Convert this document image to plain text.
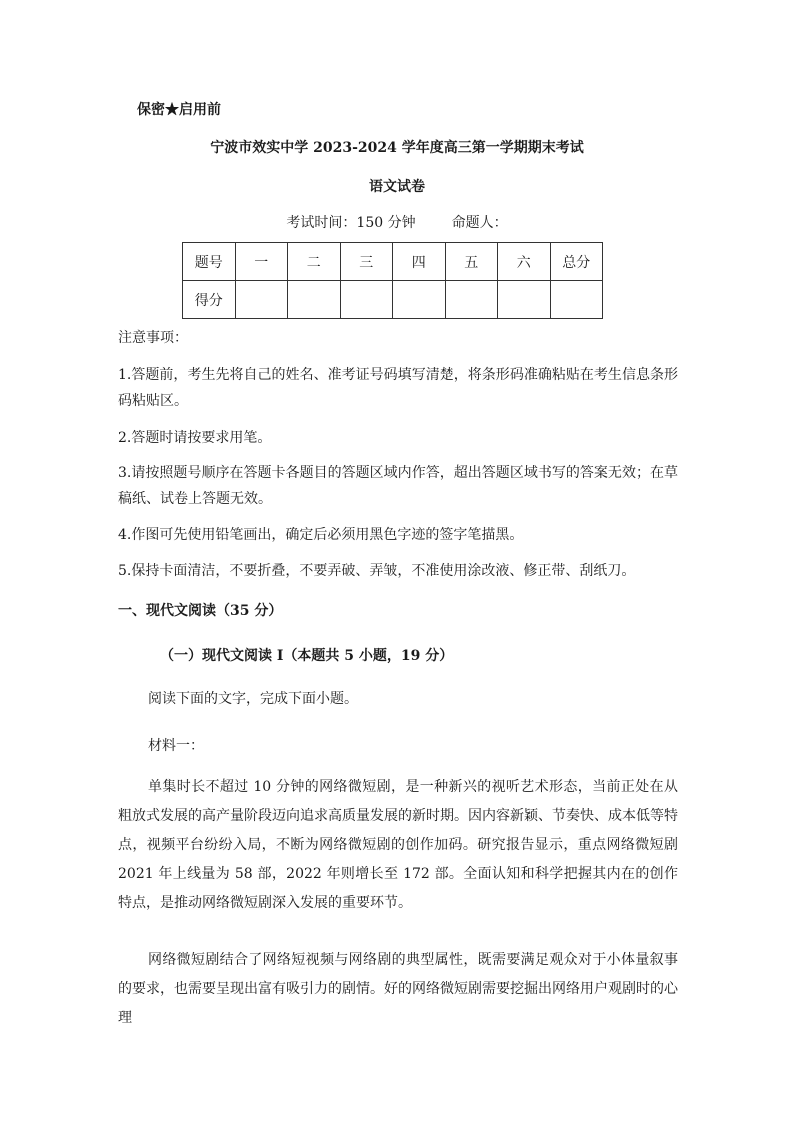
保密★启用前
宁波市效实中学 2023-2024 学年度高三第一学期期末考试
语文试卷
考试时间：150 分钟	命题人：
题号	一	二	三	四	五	六	总分
得分							
注意事项：
1.答题前，考生先将自己的姓名、准考证号码填写清楚，将条形码准确粘贴在考生信息条形码粘贴区。
2.答题时请按要求用笔。
3.请按照题号顺序在答题卡各题目的答题区域内作答，超出答题区域书写的答案无效；在草稿纸、试卷上答题无效。
4.作图可先使用铅笔画出，确定后必须用黑色字迹的签字笔描黑。
5.保持卡面清洁，不要折叠，不要弄破、弄皱，不准使用涂改液、修正带、刮纸刀。
一、现代文阅读（35 分）
（一）现代文阅读 I（本题共 5 小题，19 分）
阅读下面的文字，完成下面小题。
材料一：
单集时长不超过 10 分钟的网络微短剧，是一种新兴的视听艺术形态，当前正处在从粗放式发展的高产量阶段迈向追求高质量发展的新时期。因内容新颖、节奏快、成本低等特点，视频平台纷纷入局，不断为网络微短剧的创作加码。研究报告显示，重点网络微短剧 2021 年上线量为 58 部，2022 年则增长至 172 部。全面认知和科学把握其内在的创作特点，是推动网络微短剧深入发展的重要环节。
网络微短剧结合了网络短视频与网络剧的典型属性，既需要满足观众对于小体量叙事的要求，也需要呈现出富有吸引力的剧情。好的网络微短剧需要挖掘出网络用户观剧时的心理
